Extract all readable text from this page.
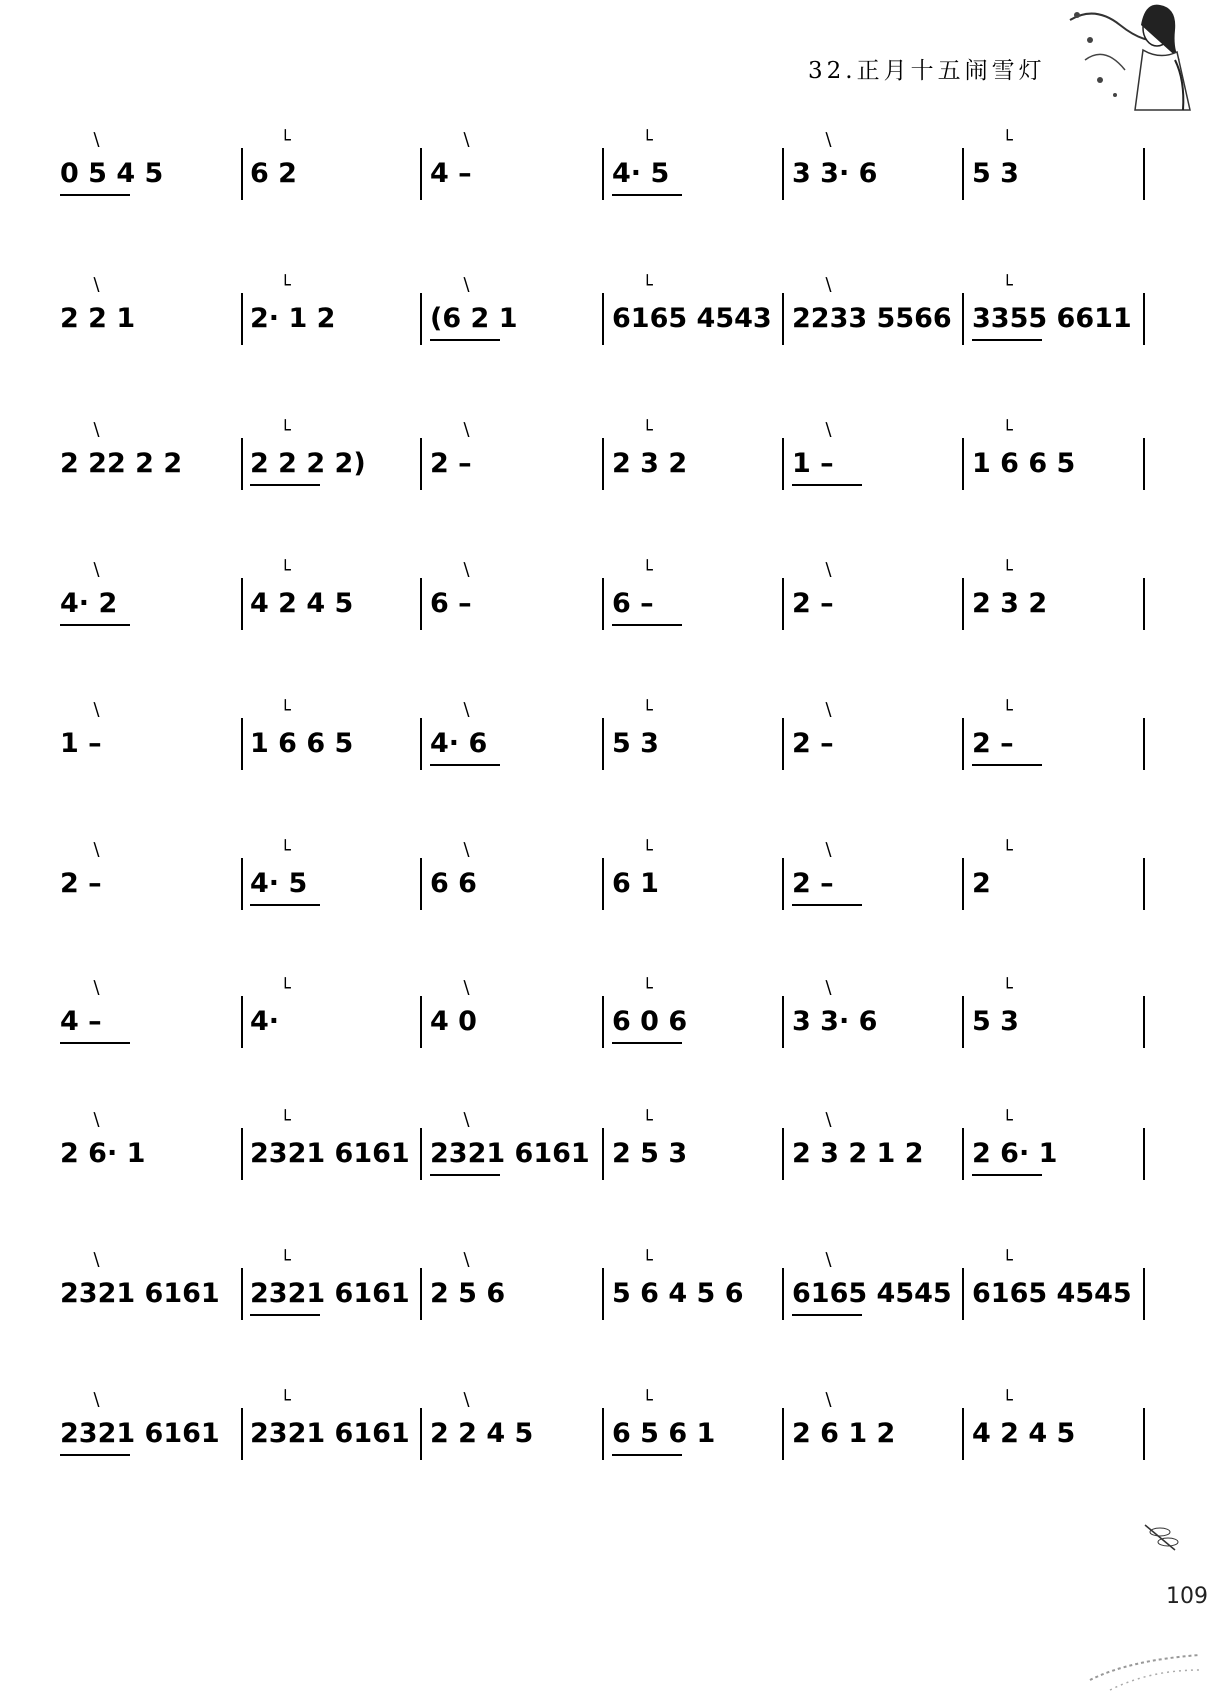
32.正月十五闹雪灯
109
0 5 4 5
∖
6 2
└
4 –
∖
4· 5
└
3 3· 6
∖
5 3
└
2 2 1
∖
2· 1 2
└
(6 2 1
∖
6165 4543
└
2233 5566
∖
3355 6611
└
2 22 2 2
∖
2 2 2 2)
└
2 –
∖
2 3 2
└
1 –
∖
1 6 6 5
└
4· 2
∖
4 2 4 5
└
6 –
∖
6 –
└
2 –
∖
2 3 2
└
1 –
∖
1 6 6 5
└
4· 6
∖
5 3
└
2 –
∖
2 –
└
2 –
∖
4· 5
└
6 6
∖
6 1
└
2 –
∖
2
└
4 –
∖
4·
└
4 0
∖
6 0 6
└
3 3· 6
∖
5 3
└
2 6· 1
∖
2321 6161
└
2321 6161
∖
2 5 3
└
2 3 2 1 2
∖
2 6· 1
└
2321 6161
∖
2321 6161
└
2 5 6
∖
5 6 4 5 6
└
6165 4545
∖
6165 4545
└
2321 6161
∖
2321 6161
└
2 2 4 5
∖
6 5 6 1
└
2 6 1 2
∖
4 2 4 5
└
